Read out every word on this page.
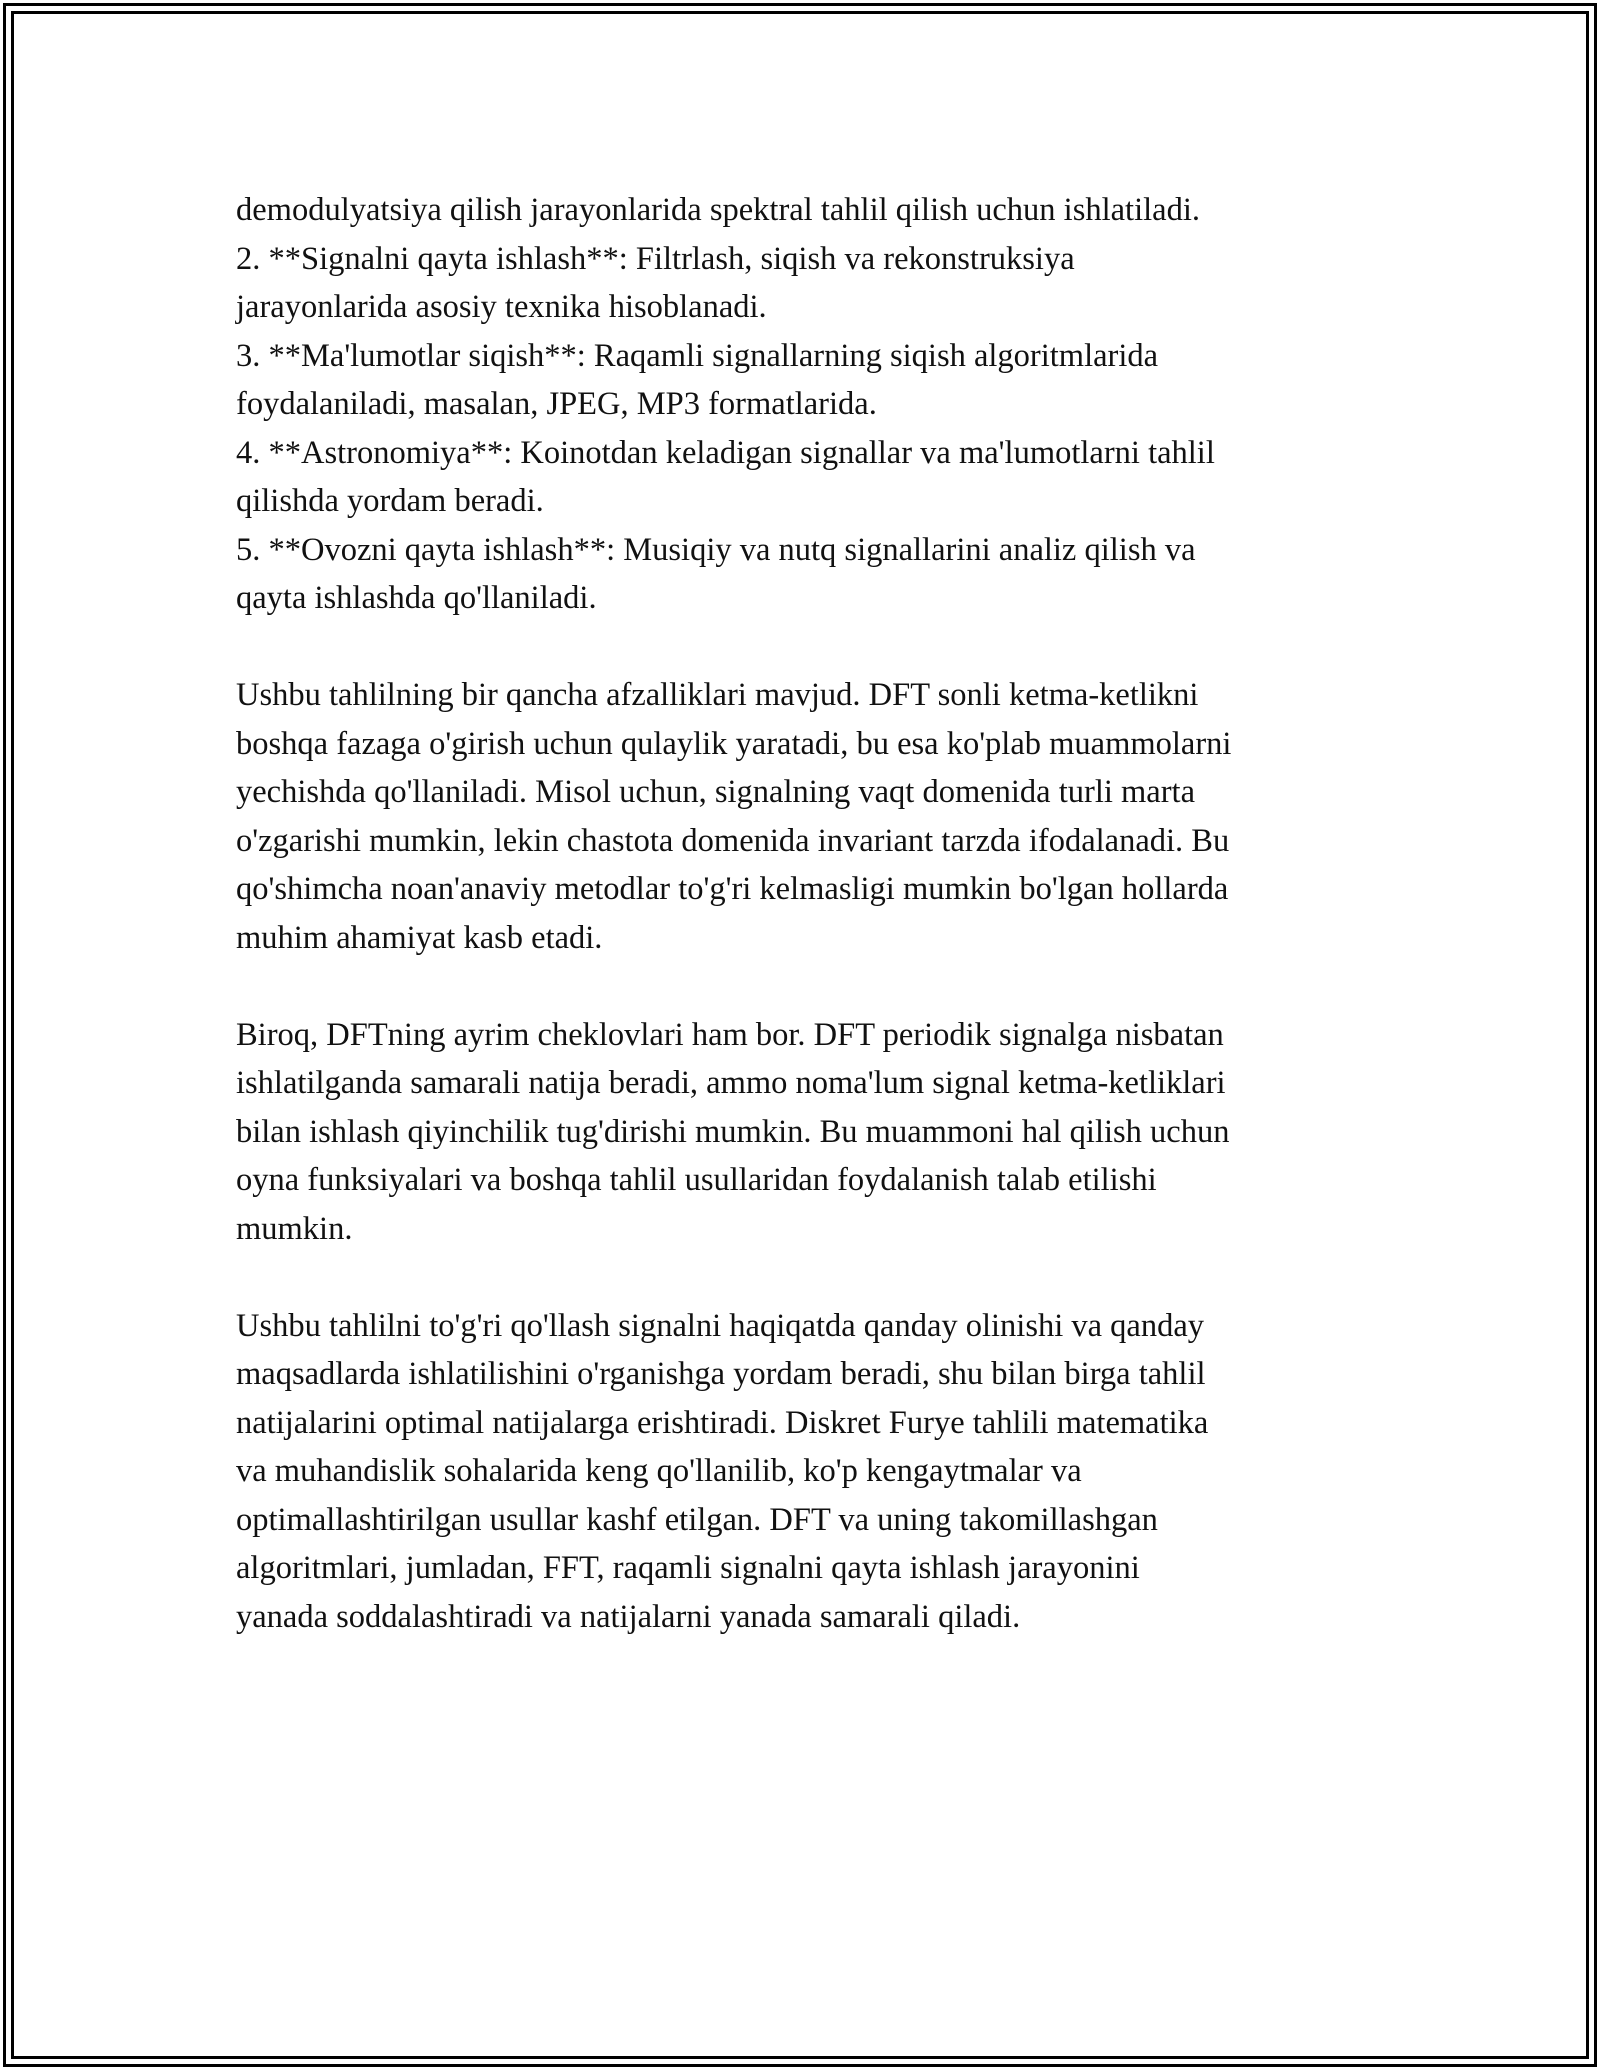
demodulyatsiya qilish jarayonlarida spektral tahlil qilish uchun ishlatiladi.
2. **Signalni qayta ishlash**: Filtrlash, siqish va rekonstruksiya
jarayonlarida asosiy texnika hisoblanadi.
3. **Ma'lumotlar siqish**: Raqamli signallarning siqish algoritmlarida
foydalaniladi, masalan, JPEG, MP3 formatlarida.
4. **Astronomiya**: Koinotdan keladigan signallar va ma'lumotlarni tahlil
qilishda yordam beradi.
5. **Ovozni qayta ishlash**: Musiqiy va nutq signallarini analiz qilish va
qayta ishlashda qo'llaniladi.
Ushbu tahlilning bir qancha afzalliklari mavjud. DFT sonli ketma-ketlikni
boshqa fazaga o'girish uchun qulaylik yaratadi, bu esa ko'plab muammolarni
yechishda qo'llaniladi. Misol uchun, signalning vaqt domenida turli marta
o'zgarishi mumkin, lekin chastota domenida invariant tarzda ifodalanadi. Bu
qo'shimcha noan'anaviy metodlar to'g'ri kelmasligi mumkin bo'lgan hollarda
muhim ahamiyat kasb etadi.
Biroq, DFTning ayrim cheklovlari ham bor. DFT periodik signalga nisbatan
ishlatilganda samarali natija beradi, ammo noma'lum signal ketma-ketliklari
bilan ishlash qiyinchilik tug'dirishi mumkin. Bu muammoni hal qilish uchun
oyna funksiyalari va boshqa tahlil usullaridan foydalanish talab etilishi
mumkin.
Ushbu tahlilni to'g'ri qo'llash signalni haqiqatda qanday olinishi va qanday
maqsadlarda ishlatilishini o'rganishga yordam beradi, shu bilan birga tahlil
natijalarini optimal natijalarga erishtiradi. Diskret Furye tahlili matematika
va muhandislik sohalarida keng qo'llanilib, ko'p kengaytmalar va
optimallashtirilgan usullar kashf etilgan. DFT va uning takomillashgan
algoritmlari, jumladan, FFT, raqamli signalni qayta ishlash jarayonini
yanada soddalashtiradi va natijalarni yanada samarali qiladi.
